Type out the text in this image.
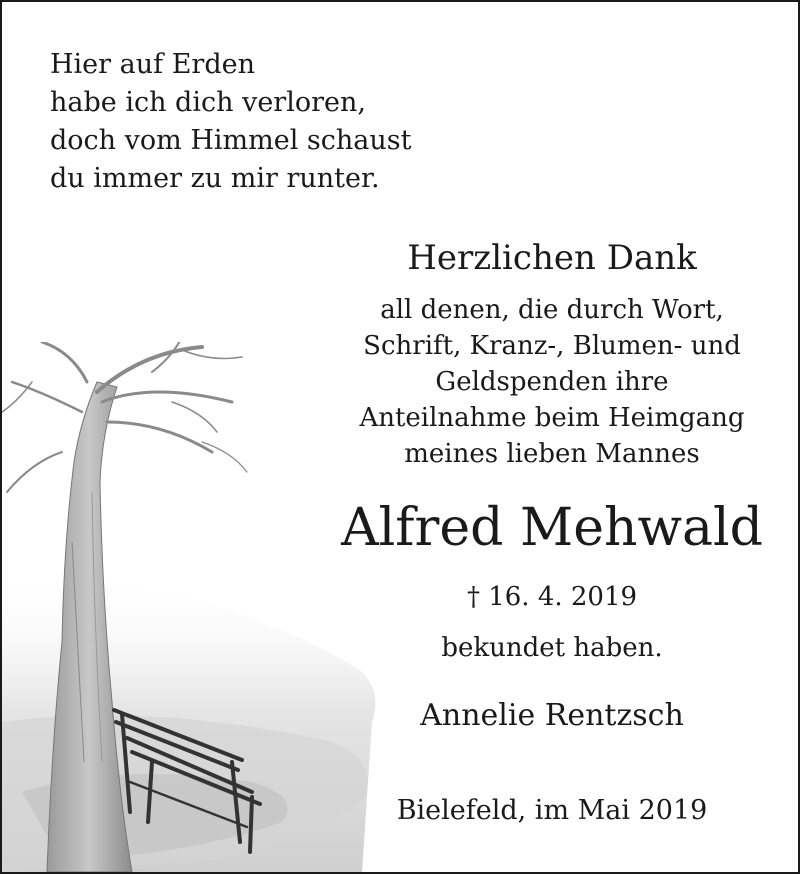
Hier auf Erden
habe ich dich verloren,
doch vom Himmel schaust
du immer zu mir runter.
Herzlichen Dank
all denen, die durch Wort,
Schrift, Kranz-, Blumen- und
Geldspenden ihre
Anteilnahme beim Heimgang
meines lieben Mannes
Alfred Mehwald
† 16. 4. 2019
bekundet haben.
Annelie Rentzsch
Bielefeld, im Mai 2019
